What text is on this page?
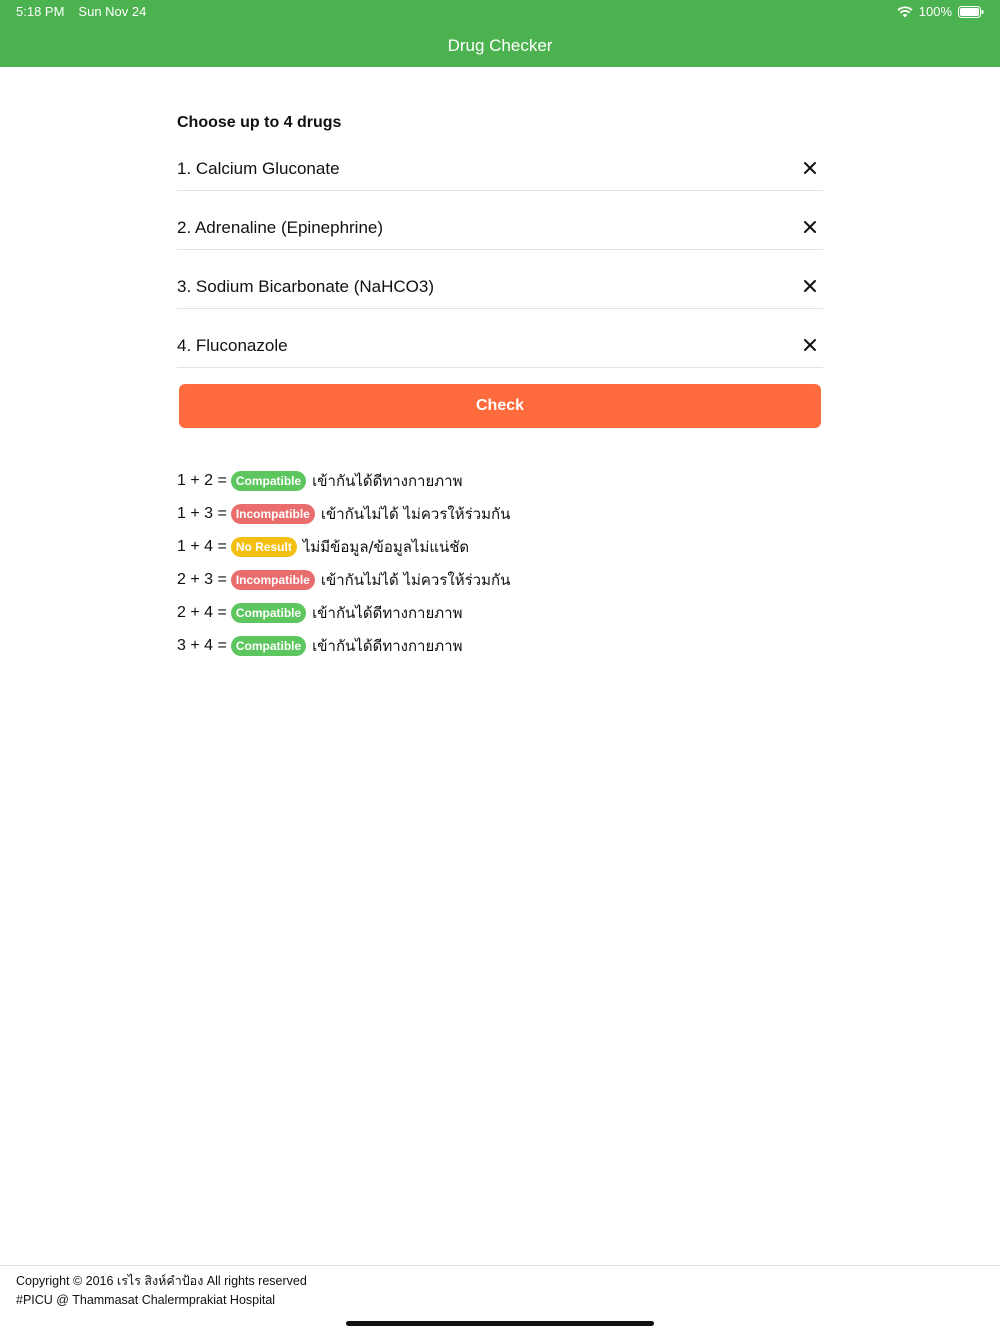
5:18 PM Sun Nov 24	100%
Drug Checker
Choose up to 4 drugs
1. Calcium Gluconate
2. Adrenaline (Epinephrine)
3. Sodium Bicarbonate (NaHCO3)
4. Fluconazole
Check
1 + 2 = Compatible เข้ากันได้ดีทางกายภาพ
1 + 3 = Incompatible เข้ากันไม่ได้ ไม่ควรให้ร่วมกัน
1 + 4 = No Result ไม่มีข้อมูล/ข้อมูลไม่แน่ชัด
2 + 3 = Incompatible เข้ากันไม่ได้ ไม่ควรให้ร่วมกัน
2 + 4 = Compatible เข้ากันได้ดีทางกายภาพ
3 + 4 = Compatible เข้ากันได้ดีทางกายภาพ
Copyright © 2016 เรไร สิงห์คำป้อง All rights reserved
#PICU @ Thammasat Chalermprakiat Hospital
